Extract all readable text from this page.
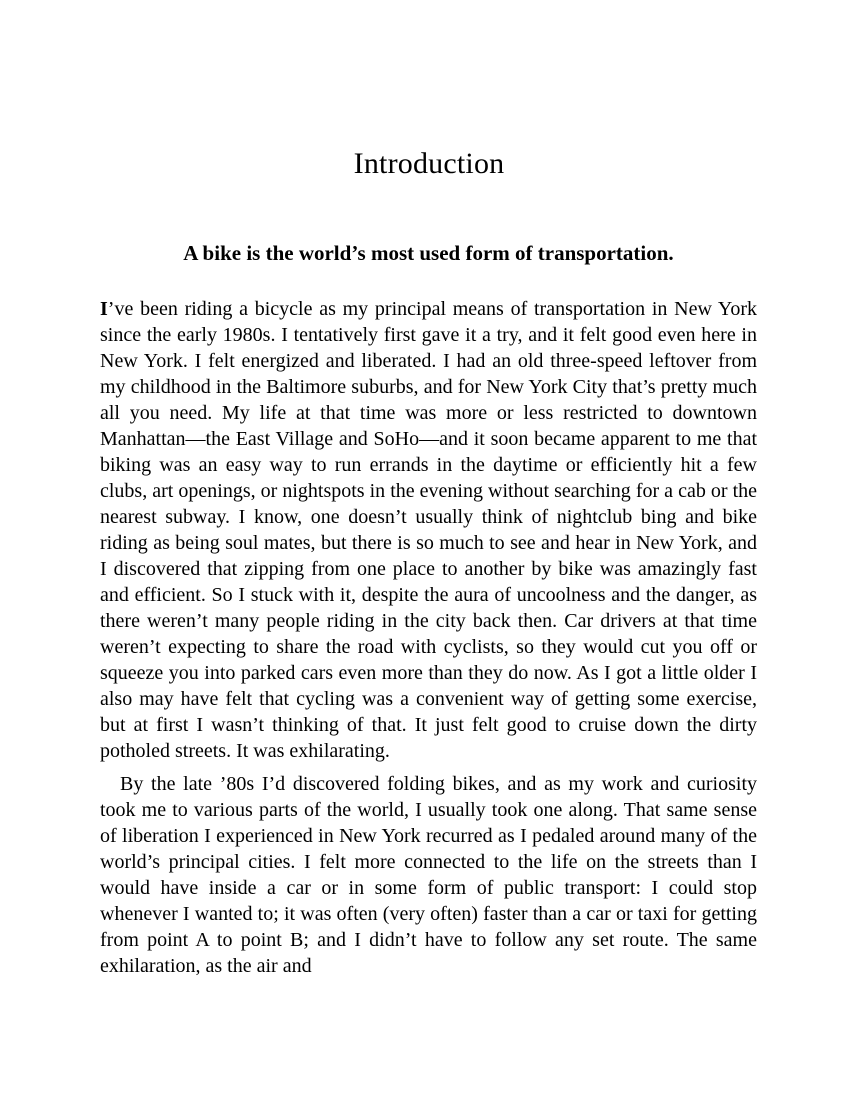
Introduction
A bike is the world’s most used form of transportation.

I’ve been riding a bicycle as my principal means of transportation in New York since the early 1980s. I tentatively first gave it a try, and it felt good even here in New York. I felt energized and liberated. I had an old three-speed leftover from my childhood in the Baltimore suburbs, and for New York City that’s pretty much all you need. My life at that time was more or less restricted to downtown Manhattan—the East Village and SoHo—and it soon became apparent to me that biking was an easy way to run errands in the daytime or efficiently hit a few clubs, art openings, or nightspots in the evening without searching for a cab or the nearest subway. I know, one doesn’t usually think of nightclub bing and bike riding as being soul mates, but there is so much to see and hear in New York, and I discovered that zipping from one place to another by bike was amazingly fast and efficient. So I stuck with it, despite the aura of uncoolness and the danger, as there weren’t many people riding in the city back then. Car drivers at that time weren’t expecting to share the road with cyclists, so they would cut you off or squeeze you into parked cars even more than they do now. As I got a little older I also may have felt that cycling was a convenient way of getting some exercise, but at first I wasn’t thinking of that. It just felt good to cruise down the dirty potholed streets. It was exhilarating.

By the late ’80s I’d discovered folding bikes, and as my work and curiosity took me to various parts of the world, I usually took one along. That same sense of liberation I experienced in New York recurred as I pedaled around many of the world’s principal cities. I felt more connected to the life on the streets than I would have inside a car or in some form of public transport: I could stop whenever I wanted to; it was often (very often) faster than a car or taxi for getting from point A to point B; and I didn’t have to follow any set route. The same exhilaration, as the air and
